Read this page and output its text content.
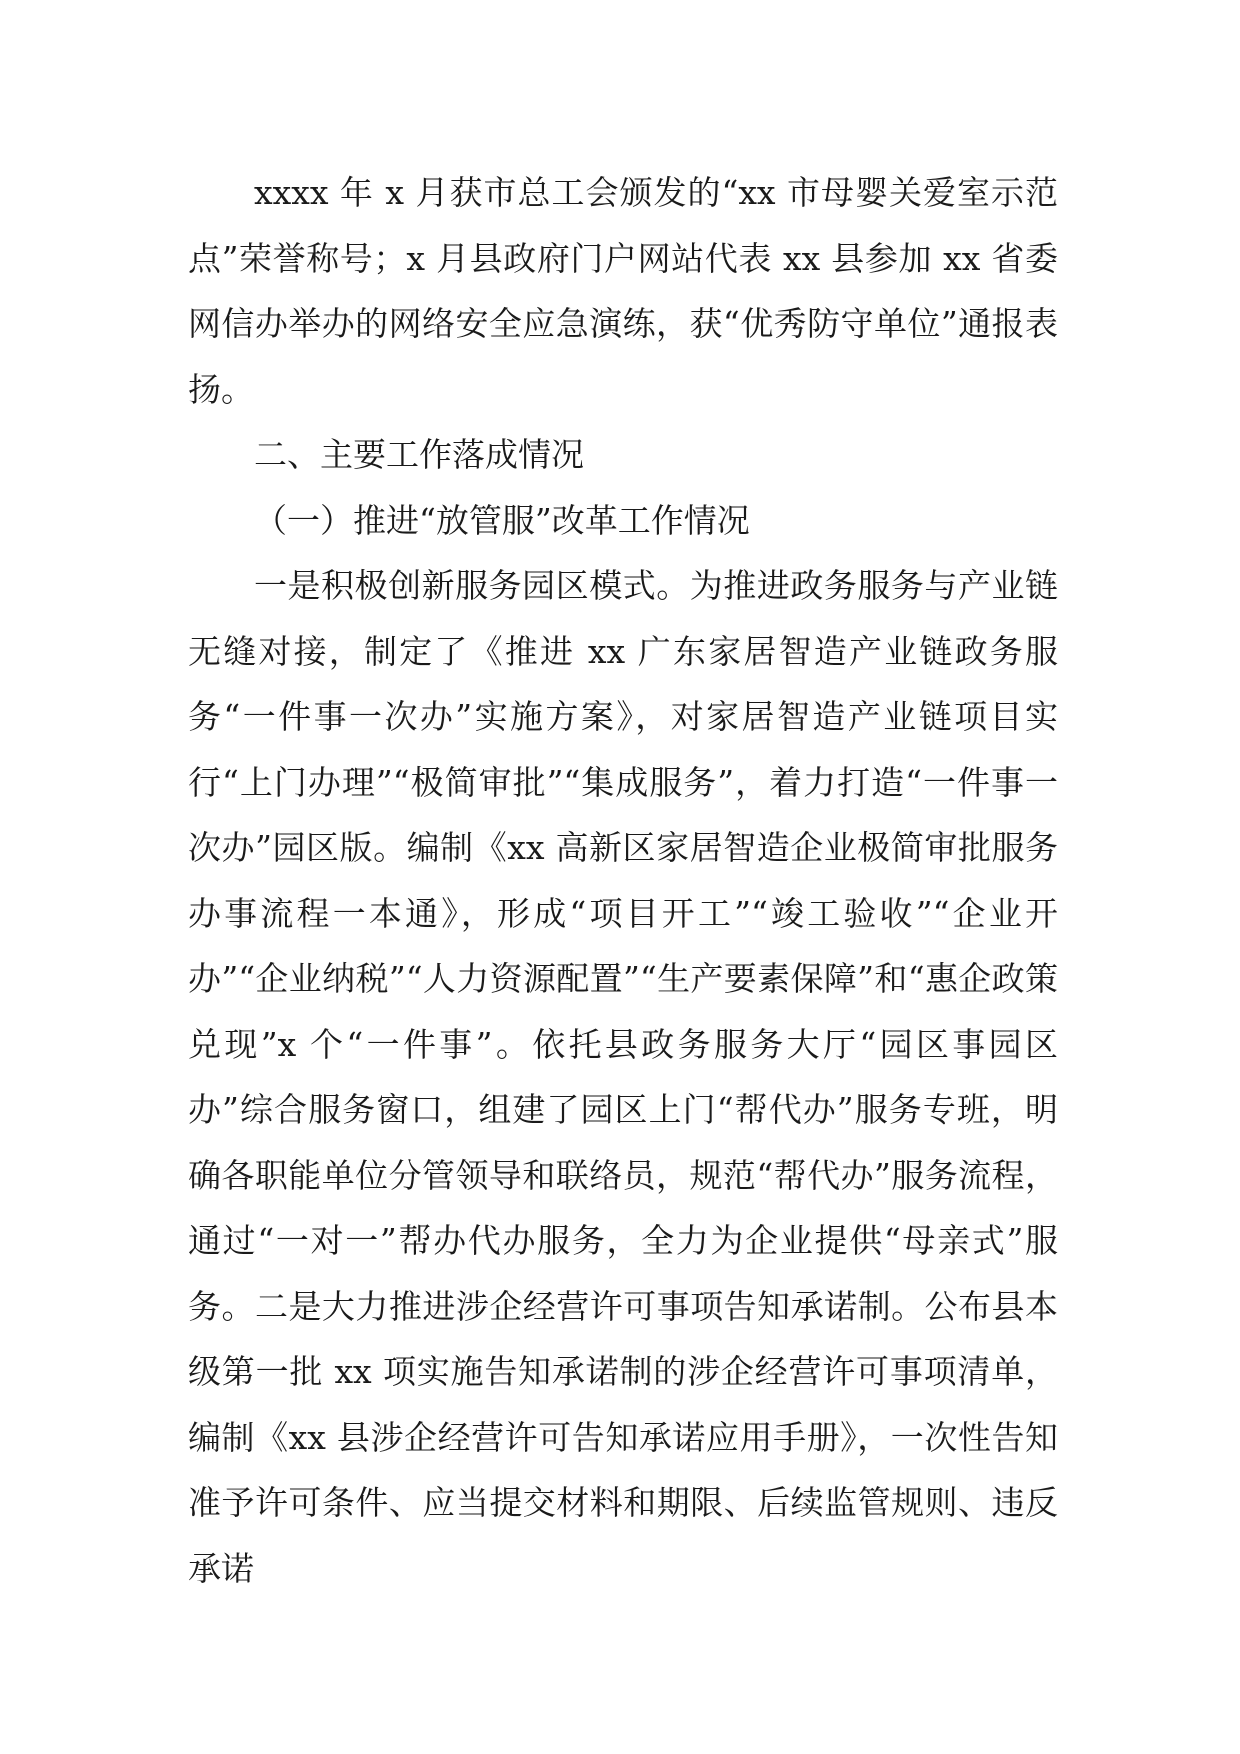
xxxx 年 x 月获市总工会颁发的“xx 市母婴关爱室示范点”荣誉称号；x 月县政府门户网站代表 xx 县参加 xx 省委网信办举办的网络安全应急演练，获“优秀防守单位”通报表扬。

二、主要工作落成情况

（一）推进“放管服”改革工作情况

一是积极创新服务园区模式。为推进政务服务与产业链无缝对接，制定了《推进 xx 广东家居智造产业链政务服务“一件事一次办”实施方案》，对家居智造产业链项目实行“上门办理”“极简审批”“集成服务”，着力打造“一件事一次办”园区版。编制《xx 高新区家居智造企业极简审批服务办事流程一本通》，形成“项目开工”“竣工验收”“企业开办”“企业纳税”“人力资源配置”“生产要素保障”和“惠企政策兑现”x 个“一件事”。依托县政务服务大厅“园区事园区办”综合服务窗口，组建了园区上门“帮代办”服务专班，明确各职能单位分管领导和联络员，规范“帮代办”服务流程，通过“一对一”帮办代办服务，全力为企业提供“母亲式”服务。二是大力推进涉企经营许可事项告知承诺制。公布县本级第一批 xx 项实施告知承诺制的涉企经营许可事项清单，编制《xx 县涉企经营许可告知承诺应用手册》，一次性告知准予许可条件、应当提交材料和期限、后续监管规则、违反承诺
